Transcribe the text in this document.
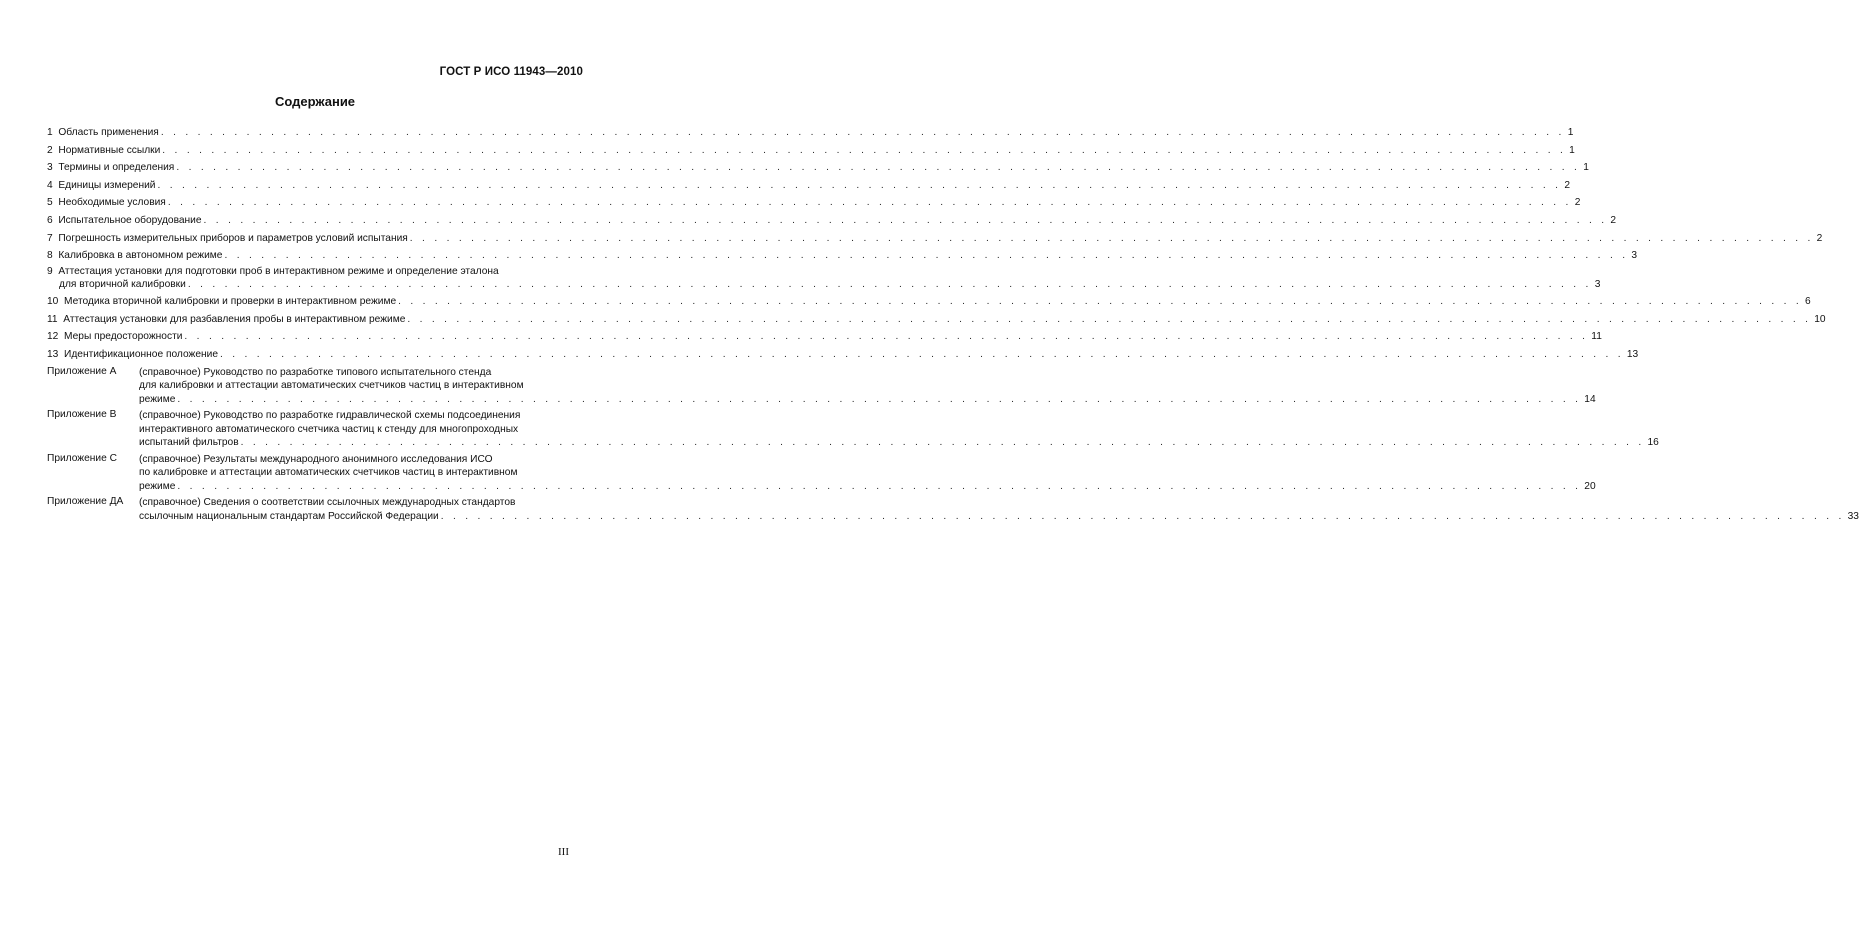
ГОСТ Р ИСО 11943—2010
Содержание
1
Область применения . . .	1
2
Нормативные ссылки . . .	1
3
Термины и определения . . .	1
4
Единицы измерений . . .	2
5
Необходимые условия . . .	2
6
Испытательное оборудование . . .	2
7
Погрешность измерительных приборов и параметров условий испытания . . .	2
8
Калибровка в автономном режиме . . .	3
9
Аттестация установки для подготовки проб в интерактивном режиме и определение эталона
для вторичной калибровки . . .	3
10
Методика вторичной калибровки и проверки в интерактивном режиме . . .	6
11
Аттестация установки для разбавления пробы в интерактивном режиме . . .	10
12
Меры предосторожности . . .	11
13
Идентификационное положение . . .	13
Приложение А	(справочное) Руководство по разработке типового испытательного стенда
для калибровки и аттестации автоматических счетчиков частиц в интерактивном
режиме . . .	14
Приложение В	(справочное) Руководство по разработке гидравлической схемы подсоединения
интерактивного автоматического счетчика частиц к стенду для многопроходных
испытаний фильтров . . .	16
Приложение С	(справочное) Результаты международного анонимного исследования ИСО
по калибровке и аттестации автоматических счетчиков частиц в интерактивном
режиме . . .	20
Приложение ДА	(справочное) Сведения о соответствии ссылочных международных стандартов
ссылочным национальным стандартам Российской Федерации . . .	33
III
